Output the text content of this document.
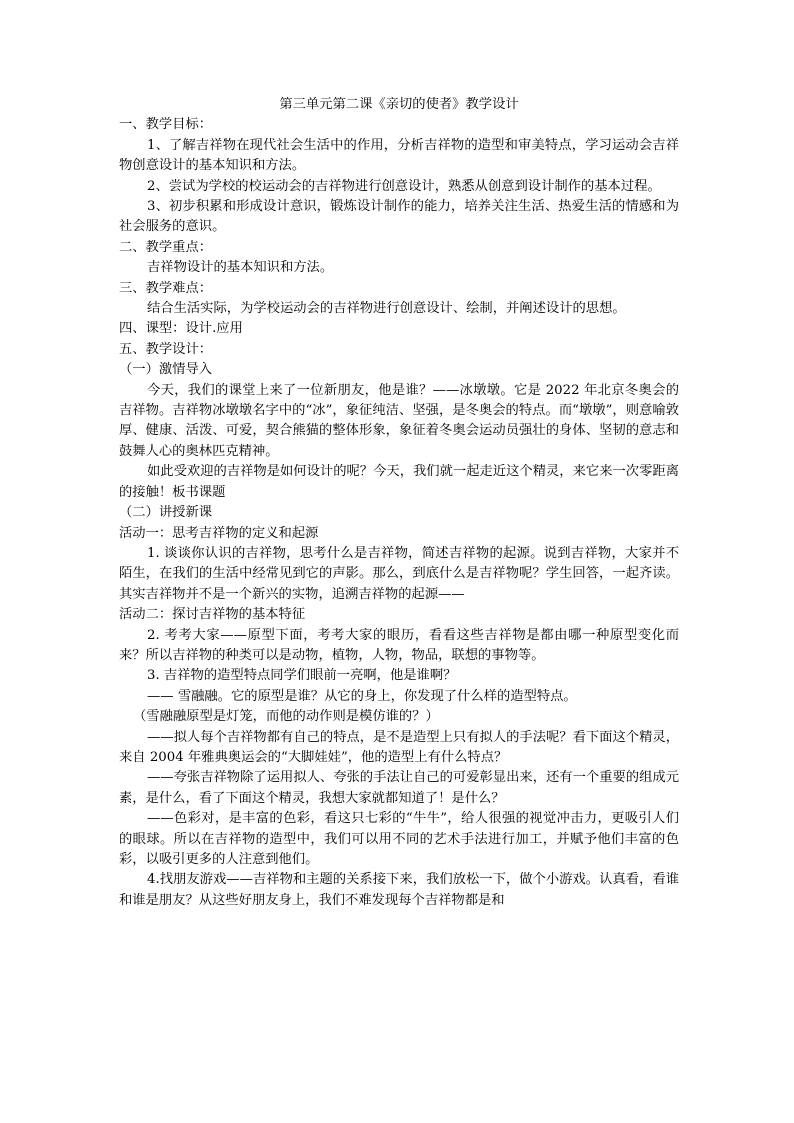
第三单元第二课《亲切的使者》教学设计
一、教学目标：
1、了解吉祥物在现代社会生活中的作用，分析吉祥物的造型和审美特点，学习运动会吉祥物创意设计的基本知识和方法。
2、尝试为学校的校运动会的吉祥物进行创意设计，熟悉从创意到设计制作的基本过程。
3、初步积累和形成设计意识，锻炼设计制作的能力，培养关注生活、热爱生活的情感和为社会服务的意识。
二、教学重点：
吉祥物设计的基本知识和方法。
三、教学难点：
结合生活实际，为学校运动会的吉祥物进行创意设计、绘制，并阐述设计的思想。
四、课型：设计.应用
五、教学设计：
（一）激情导入
今天，我们的课堂上来了一位新朋友，他是谁？——冰墩墩。它是 2022 年北京冬奥会的吉祥物。吉祥物冰墩墩名字中的“冰”，象征纯洁、坚强，是冬奥会的特点。而“墩墩”，则意喻敦厚、健康、活泼、可爱，契合熊猫的整体形象，象征着冬奥会运动员强壮的身体、坚韧的意志和鼓舞人心的奥林匹克精神。
如此受欢迎的吉祥物是如何设计的呢？今天，我们就一起走近这个精灵，来它来一次零距离的接触！板书课题
（二）讲授新课
活动一：思考吉祥物的定义和起源
1. 谈谈你认识的吉祥物，思考什么是吉祥物，简述吉祥物的起源。说到吉祥物，大家并不陌生，在我们的生活中经常见到它的声影。那么，到底什么是吉祥物呢？学生回答，一起齐读。其实吉祥物并不是一个新兴的实物，追溯吉祥物的起源——
活动二：探讨吉祥物的基本特征
2. 考考大家——原型下面，考考大家的眼历，看看这些吉祥物是都由哪一种原型变化而来？所以吉祥物的种类可以是动物，植物，人物，物品，联想的事物等。
3. 吉祥物的造型特点同学们眼前一亮啊，他是谁啊？
—— 雪融融。它的原型是谁？从它的身上，你发现了什么样的造型特点。
（雪融融原型是灯笼，而他的动作则是模仿谁的？）
——拟人每个吉祥物都有自己的特点，是不是造型上只有拟人的手法呢？看下面这个精灵，来自 2004 年雅典奥运会的“大脚娃娃”，他的造型上有什么特点？
——夸张吉祥物除了运用拟人、夸张的手法让自己的可爱彰显出来，还有一个重要的组成元素，是什么，看了下面这个精灵，我想大家就都知道了！是什么？
——色彩对，是丰富的色彩，看这只七彩的“牛牛”，给人很强的视觉冲击力，更吸引人们的眼球。所以在吉祥物的造型中，我们可以用不同的艺术手法进行加工，并赋予他们丰富的色彩，以吸引更多的人注意到他们。
4.找朋友游戏——吉祥物和主题的关系接下来，我们放松一下，做个小游戏。认真看，看谁和谁是朋友？从这些好朋友身上，我们不难发现每个吉祥物都是和
